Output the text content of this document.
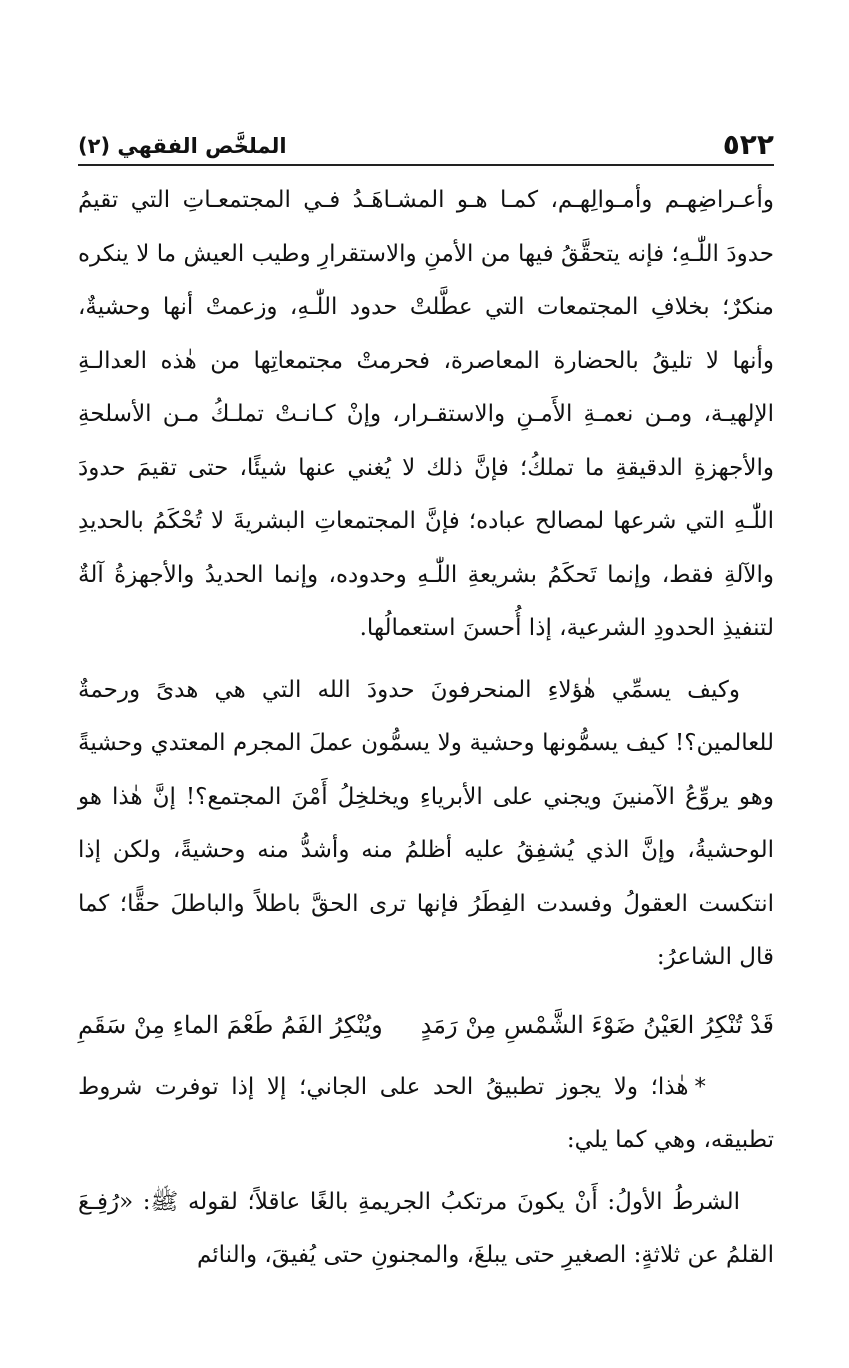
٥٢٢
الملخَّص الفقهي (٢)

وأعـراضِهـم وأمـوالِهـم، كمـا هـو المشـاهَـدُ فـي المجتمعـاتِ التي تقيمُ حدودَ اللّٰـهِ؛ فإنه يتحقَّقُ فيها من الأمنِ والاستقرارِ وطيب العيش ما لا ينكره منكرٌ؛ بخلافِ المجتمعات التي عطَّلتْ حدود اللّٰـهِ، وزعمتْ أنها وحشيةٌ، وأنها لا تليقُ بالحضارة المعاصرة، فحرمتْ مجتمعاتِها من هٰذه العدالـةِ الإلهيـة، ومـن نعمـةِ الأَمـنِ والاستقـرار، وإنْ كـانـتْ تملـكُ مـن الأسلحةِ والأجهزةِ الدقيقةِ ما تملكُ؛ فإنَّ ذلك لا يُغني عنها شيئًا، حتى تقيمَ حدودَ اللّٰـهِ التي شرعها لمصالح عباده؛ فإنَّ المجتمعاتِ البشريةَ لا تُحْكَمُ بالحديدِ والآلةِ فقط، وإنما تَحكَمُ بشريعةِ اللّٰـهِ وحدوده، وإنما الحديدُ والأجهزةُ آلةٌ لتنفيذِ الحدودِ الشرعية، إذا أُحسنَ استعمالُها.

وكيف يسمِّي هٰؤلاءِ المنحرفونَ حدودَ الله التي هي هدىً ورحمةٌ للعالمين؟! كيف يسمُّونها وحشية ولا يسمُّون عملَ المجرم المعتدي وحشيةً وهو يروِّعُ الآمنينَ ويجني على الأبرياءِ ويخلخِلُ أَمْنَ المجتمع؟! إنَّ هٰذا هو الوحشيةُ، وإنَّ الذي يُشفِقُ عليه أظلمُ منه وأشدُّ منه وحشيةً، ولكن إذا انتكست العقولُ وفسدت الفِطَرُ فإنها ترى الحقَّ باطلاً والباطلَ حقًّا؛ كما قال الشاعرُ:

قَدْ تُنْكِرُ العَيْنُ ضَوْءَ الشَّمْسِ مِنْ رَمَدٍ
ويُنْكِرُ الفَمُ طَعْمَ الماءِ مِنْ سَقَمِ

*هٰذا؛ ولا يجوز تطبيقُ الحد على الجاني؛ إلا إذا توفرت شروط تطبيقه، وهي كما يلي:

الشرطُ الأولُ: أَنْ يكونَ مرتكبُ الجريمةِ بالغًا عاقلاً؛ لقوله ﷺ: «رُفِـعَ القلمُ عن ثلاثةٍ: الصغيرِ حتى يبلغَ، والمجنونِ حتى يُفيقَ، والنائم
